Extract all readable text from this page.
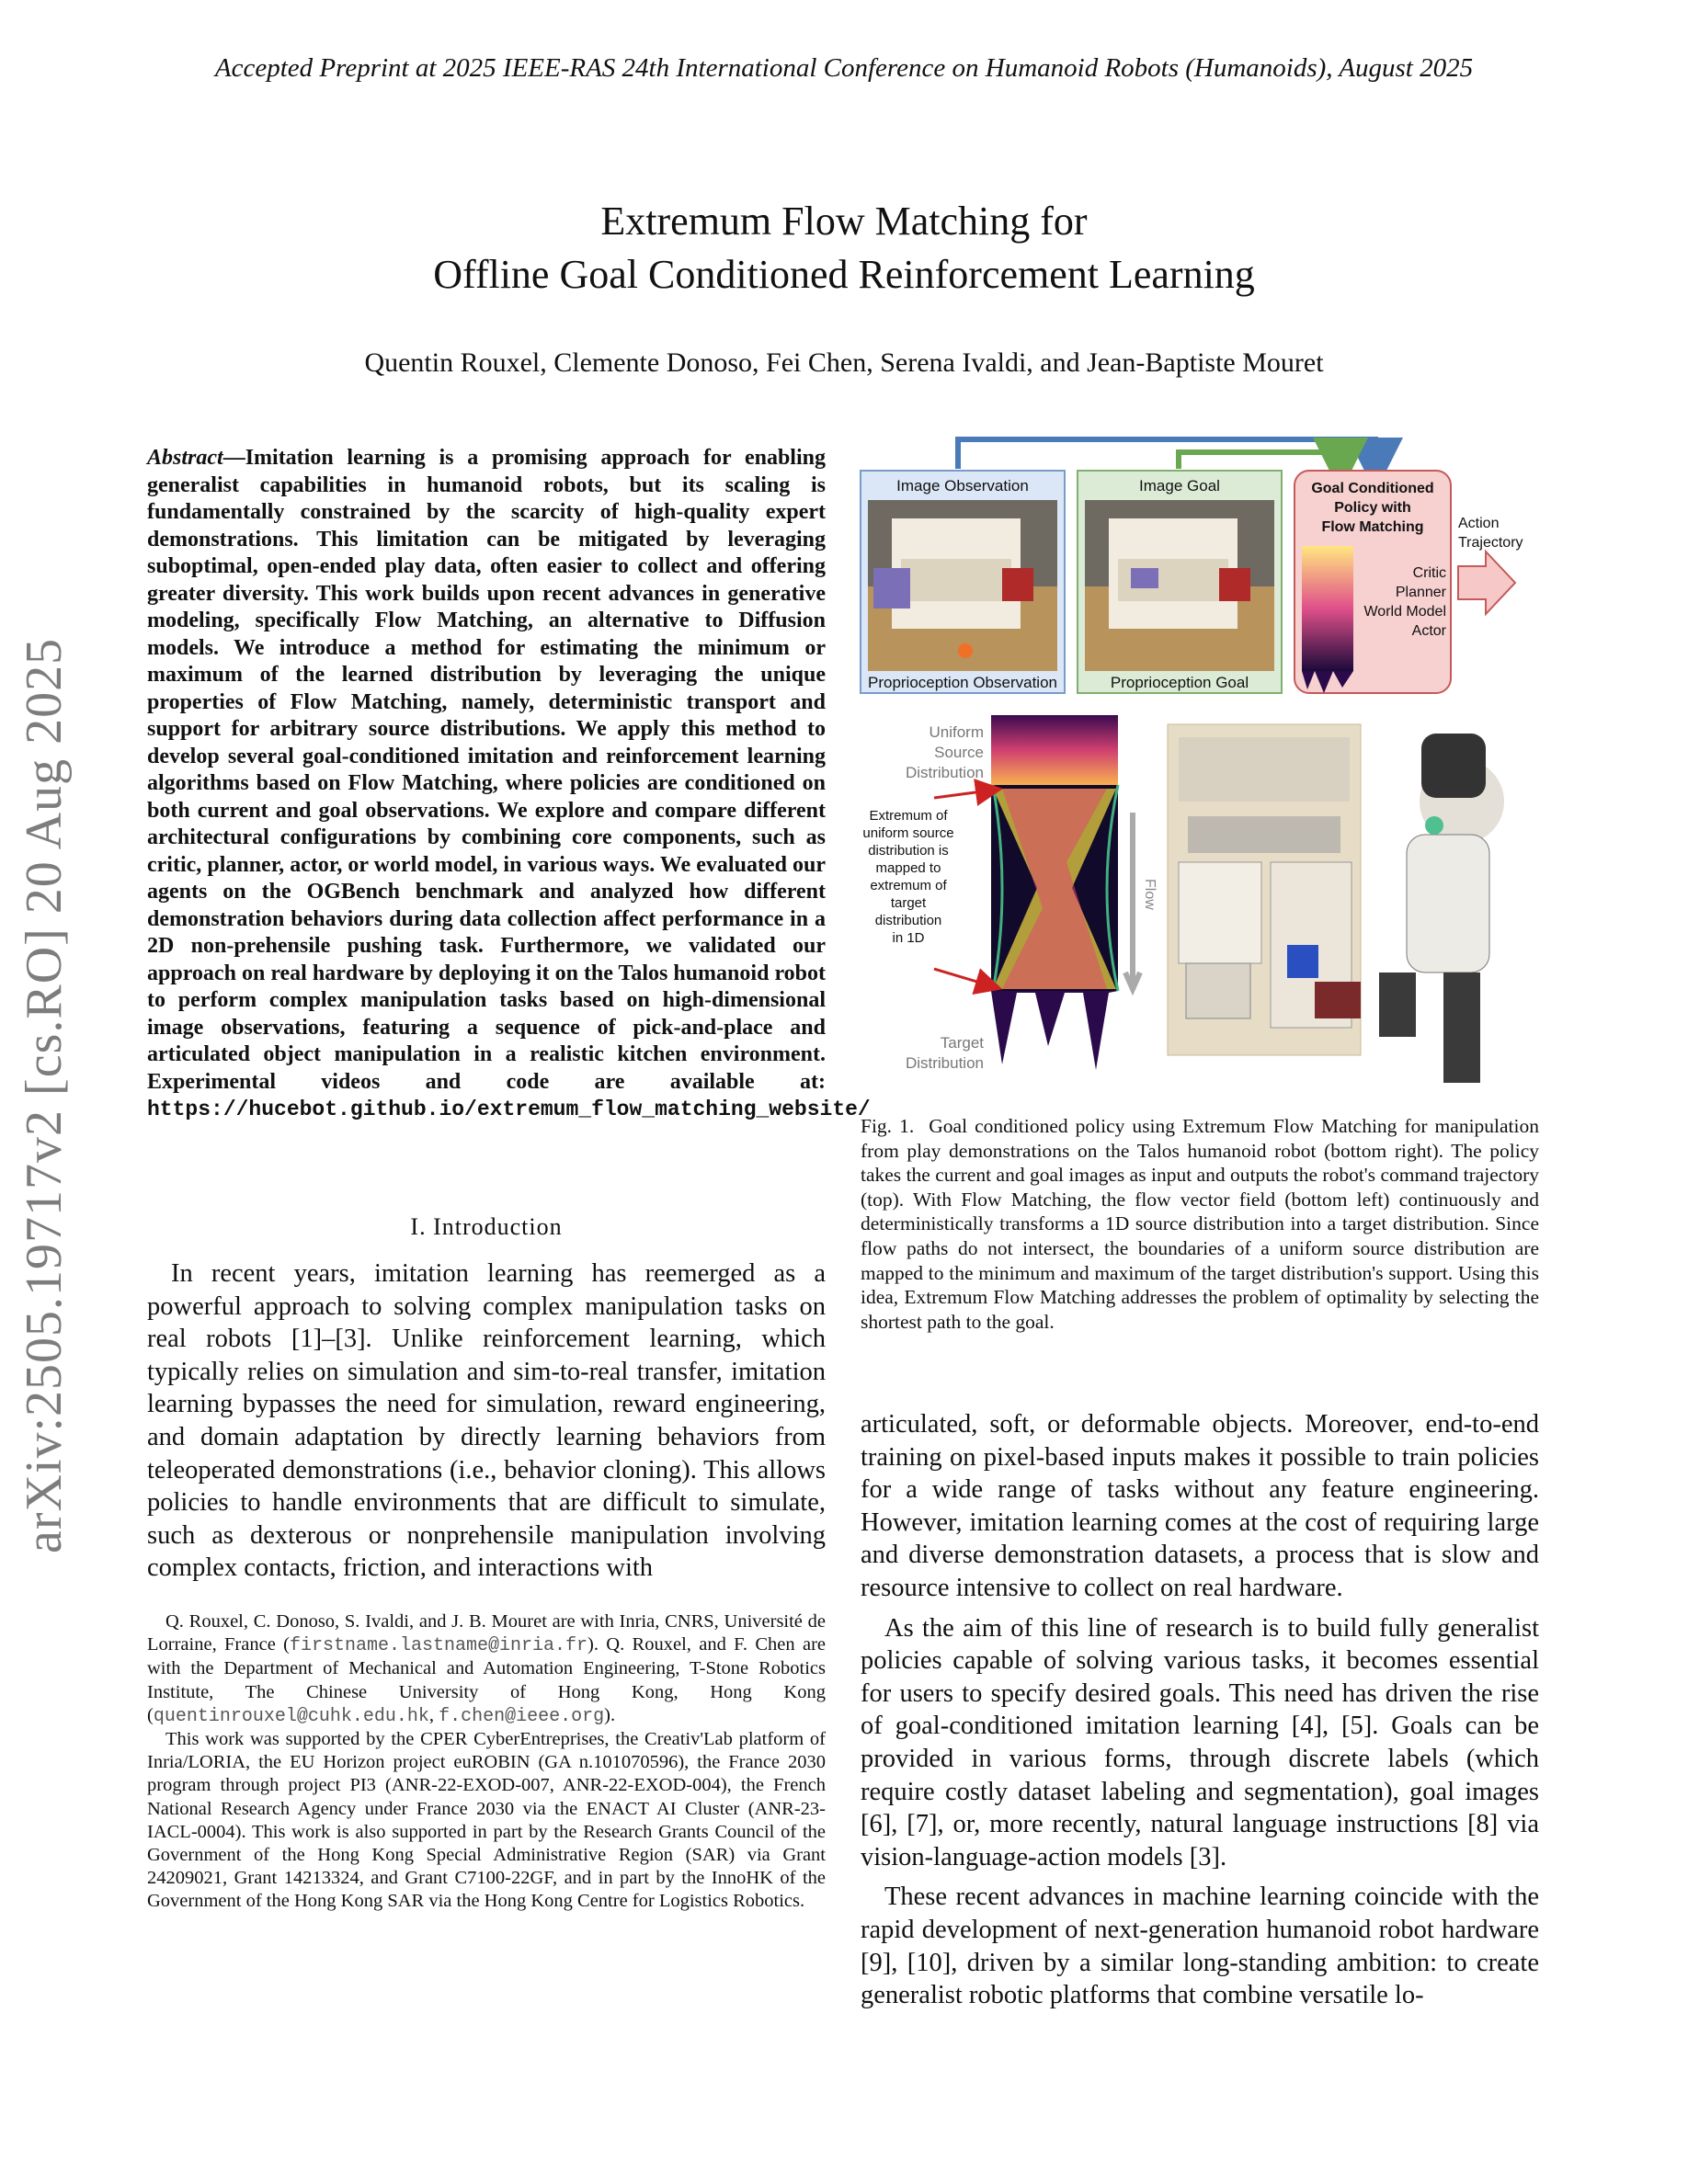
Accepted Preprint at 2025 IEEE-RAS 24th International Conference on Humanoid Robots (Humanoids), August 2025
arXiv:2505.19717v2 [cs.RO] 20 Aug 2025
Extremum Flow Matching for
Offline Goal Conditioned Reinforcement Learning
Quentin Rouxel, Clemente Donoso, Fei Chen, Serena Ivaldi, and Jean-Baptiste Mouret
Abstract—Imitation learning is a promising approach for enabling generalist capabilities in humanoid robots, but its scaling is fundamentally constrained by the scarcity of high-quality expert demonstrations. This limitation can be mitigated by leveraging suboptimal, open-ended play data, often easier to collect and offering greater diversity. This work builds upon recent advances in generative modeling, specifically Flow Matching, an alternative to Diffusion models. We introduce a method for estimating the minimum or maximum of the learned distribution by leveraging the unique properties of Flow Matching, namely, deterministic transport and support for arbitrary source distributions. We apply this method to develop several goal-conditioned imitation and reinforcement learning algorithms based on Flow Matching, where policies are conditioned on both current and goal observations. We explore and compare different architectural configurations by combining core components, such as critic, planner, actor, or world model, in various ways. We evaluated our agents on the OGBench benchmark and analyzed how different demonstration behaviors during data collection affect performance in a 2D non-prehensile pushing task. Furthermore, we validated our approach on real hardware by deploying it on the Talos humanoid robot to perform complex manipulation tasks based on high-dimensional image observations, featuring a sequence of pick-and-place and articulated object manipulation in a realistic kitchen environment. Experimental videos and code are available at: https://hucebot.github.io/extremum_flow_matching_website/
I. Introduction

In recent years, imitation learning has reemerged as a powerful approach to solving complex manipulation tasks on real robots [1]–[3]. Unlike reinforcement learning, which typically relies on simulation and sim-to-real transfer, imitation learning bypasses the need for simulation, reward engineering, and domain adaptation by directly learning behaviors from teleoperated demonstrations (i.e., behavior cloning). This allows policies to handle environments that are difficult to simulate, such as dexterous or nonprehensile manipulation involving complex contacts, friction, and interactions with

Q. Rouxel, C. Donoso, S. Ivaldi, and J. B. Mouret are with Inria, CNRS, Université de Lorraine, France (firstname.lastname@inria.fr). Q. Rouxel, and F. Chen are with the Department of Mechanical and Automation Engineering, T-Stone Robotics Institute, The Chinese University of Hong Kong, Hong Kong (quentinrouxel@cuhk.edu.hk, f.chen@ieee.org).

This work was supported by the CPER CyberEntreprises, the Creativ'Lab platform of Inria/LORIA, the EU Horizon project euROBIN (GA n.101070596), the France 2030 program through project PI3 (ANR-22-EXOD-007, ANR-22-EXOD-004), the French National Research Agency under France 2030 via the ENACT AI Cluster (ANR-23-IACL-0004). This work is also supported in part by the Research Grants Council of the Government of the Hong Kong Special Administrative Region (SAR) via Grant 24209021, Grant 14213324, and Grant C7100-22GF, and in part by the InnoHK of the Government of the Hong Kong SAR via the Hong Kong Centre for Logistics Robotics.

Image Observation
Proprioception Observation
Image Goal
Proprioception Goal
Goal Conditioned
Policy with
Flow Matching
Critic
Planner
World Model
Actor
Action
Trajectory
Uniform
Source
Distribution
Extremum of
uniform source
distribution is
mapped to
extremum of
target
distribution
in 1D
Flow
Target
Distribution
Fig. 1. Goal conditioned policy using Extremum Flow Matching for manipulation from play demonstrations on the Talos humanoid robot (bottom right). The policy takes the current and goal images as input and outputs the robot's command trajectory (top). With Flow Matching, the flow vector field (bottom left) continuously and deterministically transforms a 1D source distribution into a target distribution. Since flow paths do not intersect, the boundaries of a uniform source distribution are mapped to the minimum and maximum of the target distribution's support. Using this idea, Extremum Flow Matching addresses the problem of optimality by selecting the shortest path to the goal.

articulated, soft, or deformable objects. Moreover, end-to-end training on pixel-based inputs makes it possible to train policies for a wide range of tasks without any feature engineering. However, imitation learning comes at the cost of requiring large and diverse demonstration datasets, a process that is slow and resource intensive to collect on real hardware.

As the aim of this line of research is to build fully generalist policies capable of solving various tasks, it becomes essential for users to specify desired goals. This need has driven the rise of goal-conditioned imitation learning [4], [5]. Goals can be provided in various forms, through discrete labels (which require costly dataset labeling and segmentation), goal images [6], [7], or, more recently, natural language instructions [8] via vision-language-action models [3].

These recent advances in machine learning coincide with the rapid development of next-generation humanoid robot hardware [9], [10], driven by a similar long-standing ambition: to create generalist robotic platforms that combine versatile lo-
